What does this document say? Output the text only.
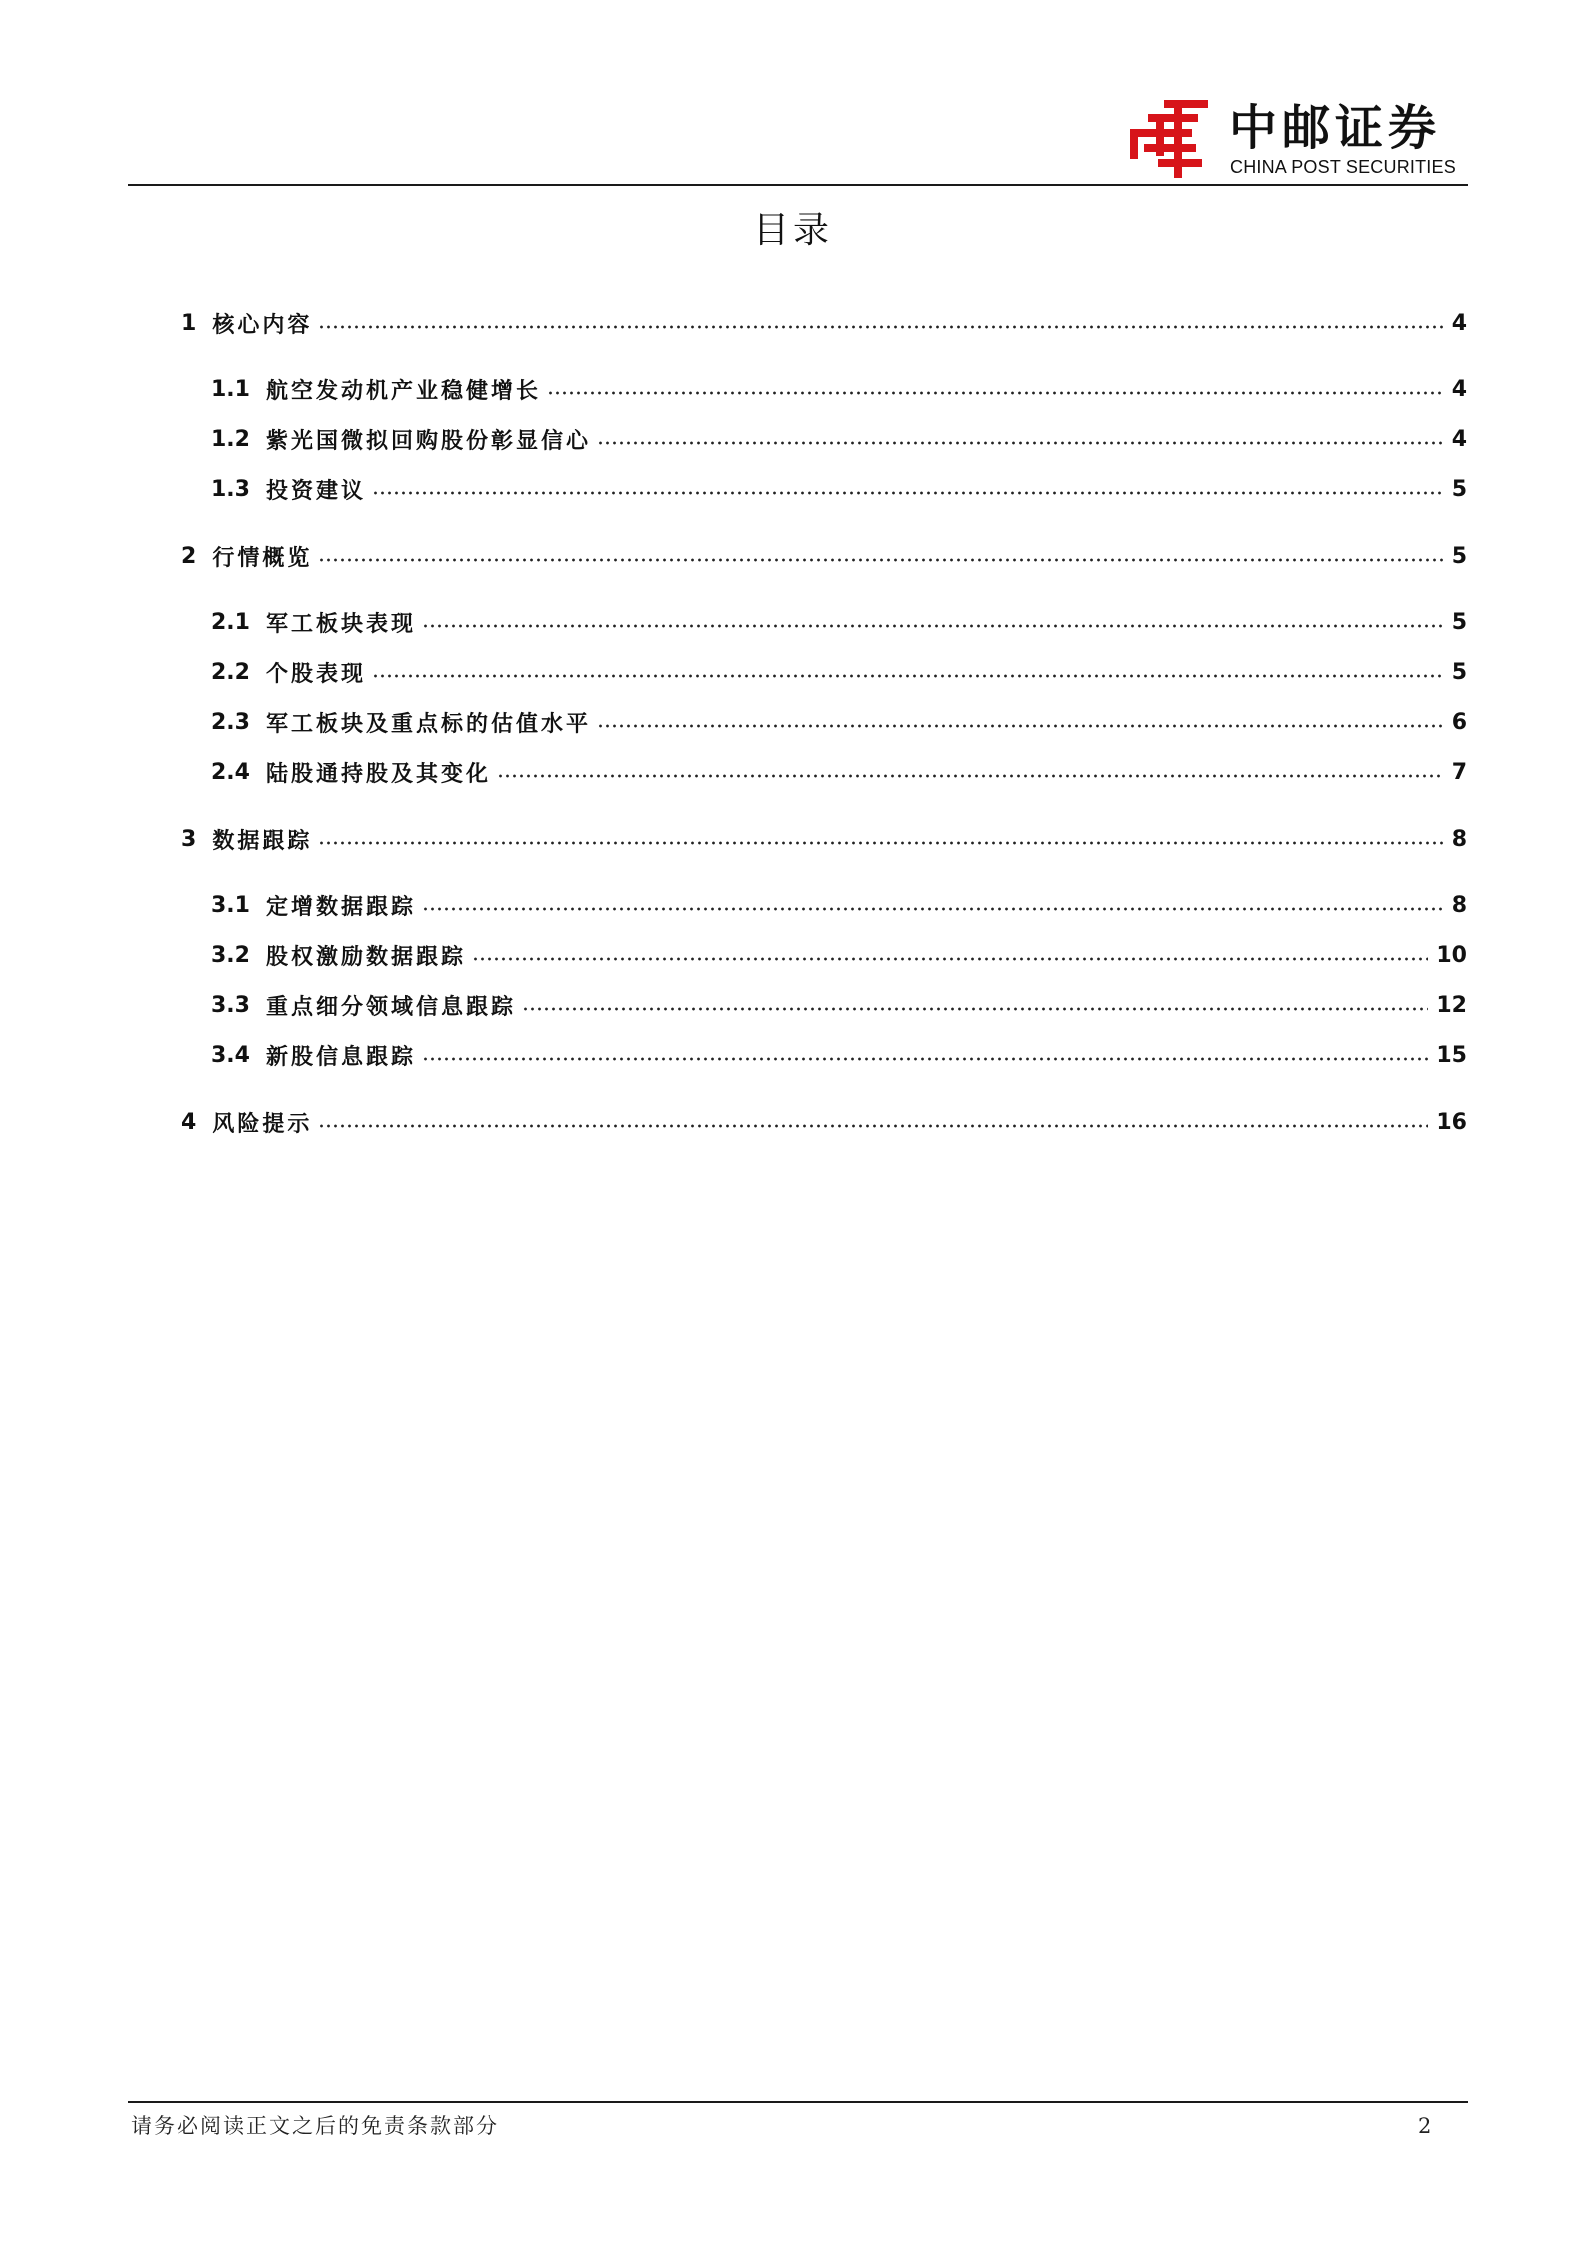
中邮证券
CHINA POST SECURITIES
目录
1 核心内容	4
1.1 航空发动机产业稳健增长	4
1.2 紫光国微拟回购股份彰显信心	4
1.3 投资建议	5
2 行情概览	5
2.1 军工板块表现	5
2.2 个股表现	5
2.3 军工板块及重点标的估值水平	6
2.4 陆股通持股及其变化	7
3 数据跟踪	8
3.1 定增数据跟踪	8
3.2 股权激励数据跟踪	10
3.3 重点细分领域信息跟踪	12
3.4 新股信息跟踪	15
4 风险提示	16
请务必阅读正文之后的免责条款部分	2
